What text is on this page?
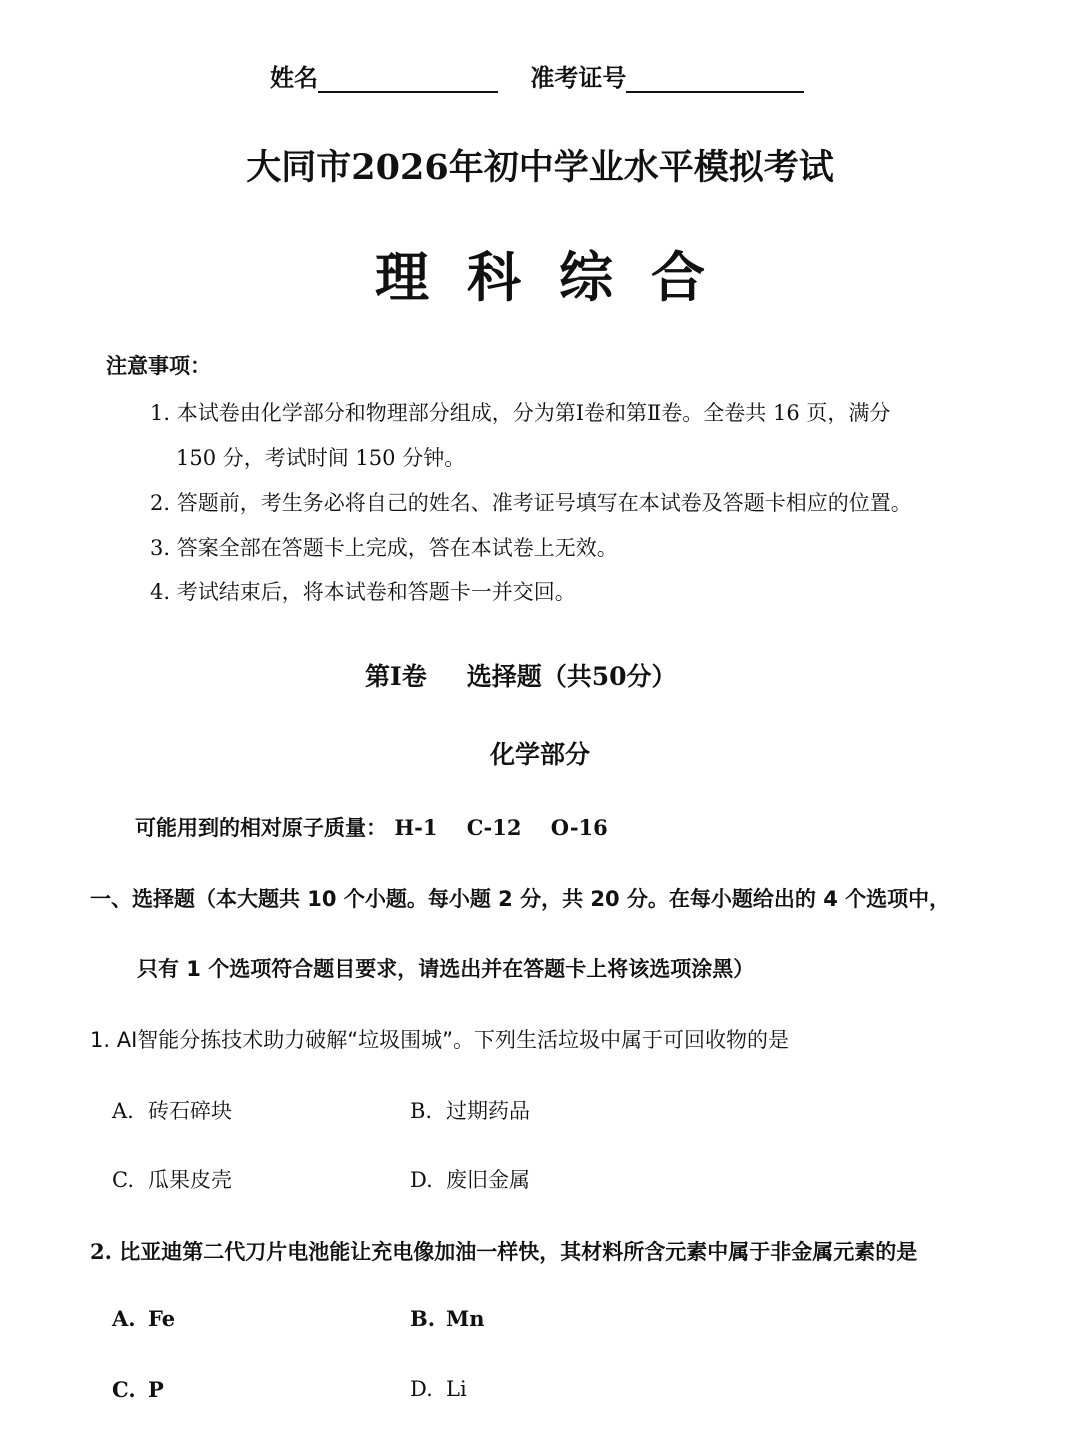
姓名	准考证号
大同市2026年初中学业水平模拟考试
理科综合
注意事项：
1. 本试卷由化学部分和物理部分组成，分为第Ⅰ卷和第Ⅱ卷。全卷共 16 页，满分
150 分，考试时间 150 分钟。
2. 答题前，考生务必将自己的姓名、准考证号填写在本试卷及答题卡相应的位置。
3. 答案全部在答题卡上完成，答在本试卷上无效。
4. 考试结束后，将本试卷和答题卡一并交回。
第I卷 选择题（共50分）
化学部分
可能用到的相对原子质量： H-1 C-12 O-16
一、选择题（本大题共 10 个小题。每小题 2 分，共 20 分。在每小题给出的 4 个选项中，
只有 1 个选项符合题目要求，请选出并在答题卡上将该选项涂黑）
1. AI智能分拣技术助力破解“垃圾围城”。下列生活垃圾中属于可回收物的是
A. 砖石碎块	B. 过期药品
C. 瓜果皮壳	D. 废旧金属
2. 比亚迪第二代刀片电池能让充电像加油一样快，其材料所含元素中属于非金属元素的是
A. Fe	B. Mn
C. P	D. Li
